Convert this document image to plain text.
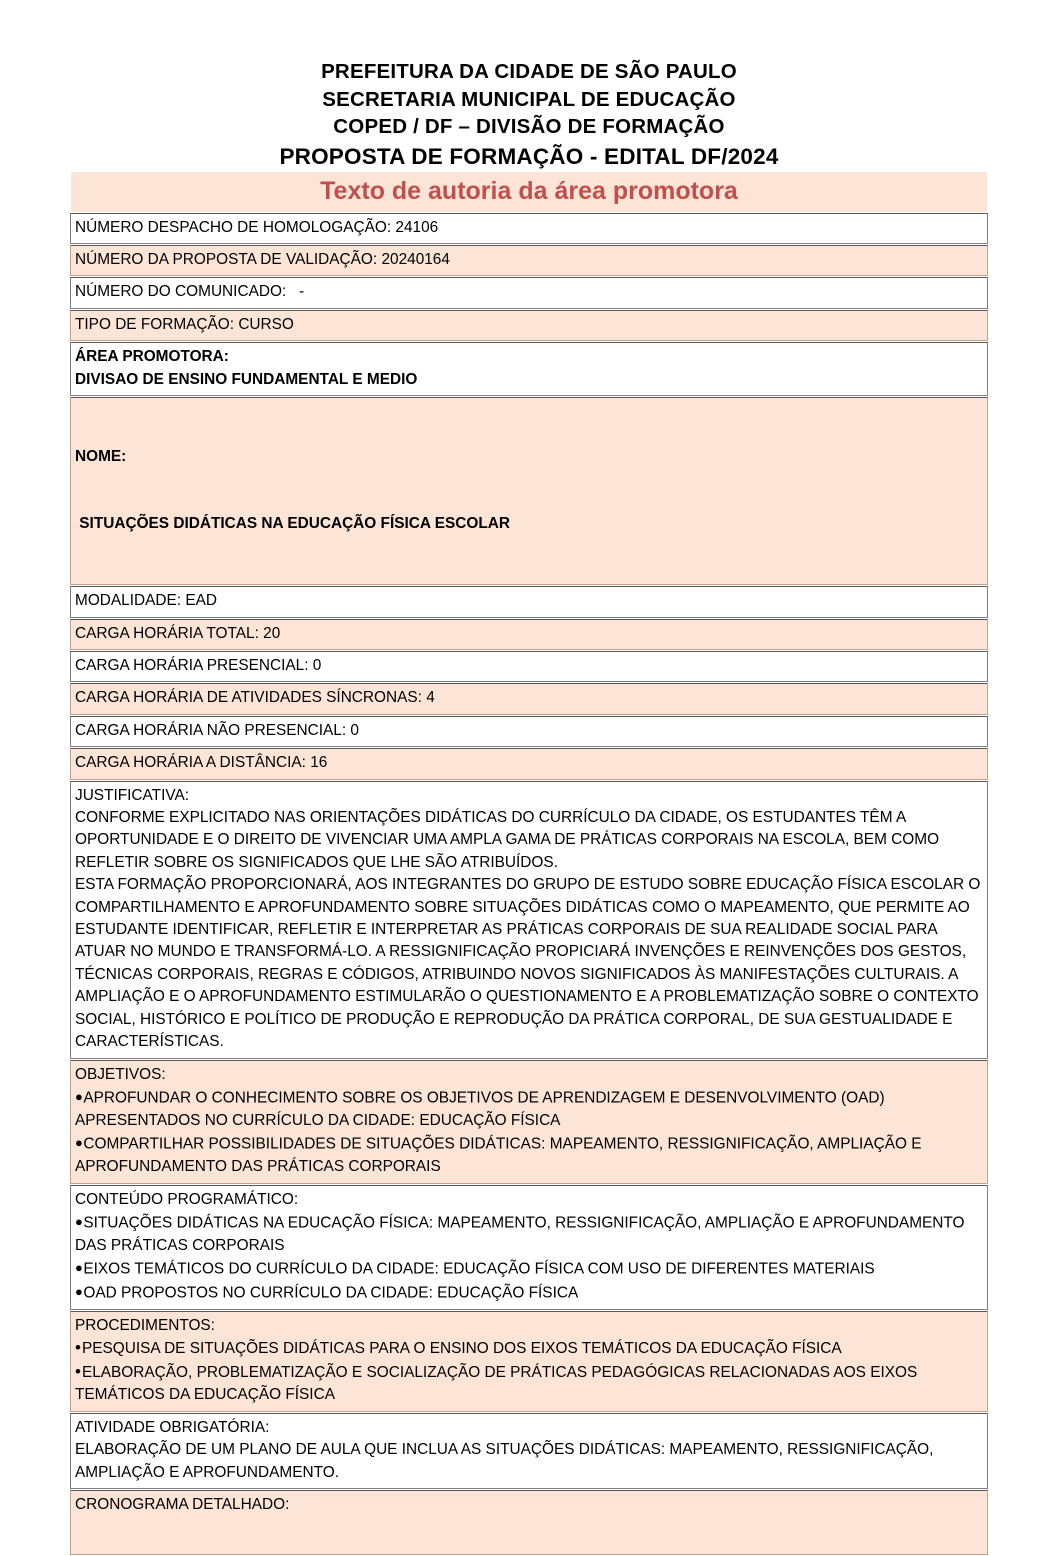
PREFEITURA DA CIDADE DE SÃO PAULO
SECRETARIA MUNICIPAL DE EDUCAÇÃO
COPED / DF – DIVISÃO DE FORMAÇÃO
PROPOSTA DE FORMAÇÃO - EDITAL DF/2024
Texto de autoria da área promotora
NÚMERO DESPACHO DE HOMOLOGAÇÃO: 24106
NÚMERO DA PROPOSTA DE VALIDAÇÃO: 20240164
NÚMERO DO COMUNICADO:   -
TIPO DE FORMAÇÃO: CURSO

ÁREA PROMOTORA:
DIVISAO DE ENSINO FUNDAMENTAL E MEDIO

NOME:

SITUAÇÕES DIDÁTICAS NA EDUCAÇÃO FÍSICA ESCOLAR

MODALIDADE: EAD
CARGA HORÁRIA TOTAL: 20
CARGA HORÁRIA PRESENCIAL: 0
CARGA HORÁRIA DE ATIVIDADES SÍNCRONAS: 4
CARGA HORÁRIA NÃO PRESENCIAL: 0
CARGA HORÁRIA A DISTÂNCIA: 16

JUSTIFICATIVA:
CONFORME EXPLICITADO NAS ORIENTAÇÕES DIDÁTICAS DO CURRÍCULO DA CIDADE, OS ESTUDANTES TÊM A OPORTUNIDADE E O DIREITO DE VIVENCIAR UMA AMPLA GAMA DE PRÁTICAS CORPORAIS NA ESCOLA, BEM COMO REFLETIR SOBRE OS SIGNIFICADOS QUE LHE SÃO ATRIBUÍDOS.
ESTA FORMAÇÃO PROPORCIONARÁ, AOS INTEGRANTES DO GRUPO DE ESTUDO SOBRE EDUCAÇÃO FÍSICA ESCOLAR O COMPARTILHAMENTO E APROFUNDAMENTO SOBRE SITUAÇÕES DIDÁTICAS COMO O MAPEAMENTO, QUE PERMITE AO ESTUDANTE IDENTIFICAR, REFLETIR E INTERPRETAR AS PRÁTICAS CORPORAIS DE SUA REALIDADE SOCIAL PARA ATUAR NO MUNDO E TRANSFORMÁ-LO. A RESSIGNIFICAÇÃO PROPICIARÁ INVENÇÕES E REINVENÇÕES DOS GESTOS, TÉCNICAS CORPORAIS, REGRAS E CÓDIGOS, ATRIBUINDO NOVOS SIGNIFICADOS ÀS MANIFESTAÇÕES CULTURAIS. A AMPLIAÇÃO E O APROFUNDAMENTO ESTIMULARÃO O QUESTIONAMENTO E A PROBLEMATIZAÇÃO SOBRE O CONTEXTO SOCIAL, HISTÓRICO E POLÍTICO DE PRODUÇÃO E REPRODUÇÃO DA PRÁTICA CORPORAL, DE SUA GESTUALIDADE E CARACTERÍSTICAS.

OBJETIVOS:
● APROFUNDAR O CONHECIMENTO SOBRE OS OBJETIVOS DE APRENDIZAGEM E DESENVOLVIMENTO (OAD) APRESENTADOS NO CURRÍCULO DA CIDADE: EDUCAÇÃO FÍSICA
● COMPARTILHAR POSSIBILIDADES DE SITUAÇÕES DIDÁTICAS: MAPEAMENTO, RESSIGNIFICAÇÃO, AMPLIAÇÃO E APROFUNDAMENTO DAS PRÁTICAS CORPORAIS

CONTEÚDO PROGRAMÁTICO:
● SITUAÇÕES DIDÁTICAS NA EDUCAÇÃO FÍSICA: MAPEAMENTO, RESSIGNIFICAÇÃO, AMPLIAÇÃO E APROFUNDAMENTO DAS PRÁTICAS CORPORAIS
● EIXOS TEMÁTICOS DO CURRÍCULO DA CIDADE: EDUCAÇÃO FÍSICA COM USO DE DIFERENTES MATERIAIS
● OAD PROPOSTOS NO CURRÍCULO DA CIDADE: EDUCAÇÃO FÍSICA

PROCEDIMENTOS:
• PESQUISA DE SITUAÇÕES DIDÁTICAS PARA O ENSINO DOS EIXOS TEMÁTICOS DA EDUCAÇÃO FÍSICA
• ELABORAÇÃO, PROBLEMATIZAÇÃO E SOCIALIZAÇÃO DE PRÁTICAS PEDAGÓGICAS RELACIONADAS AOS EIXOS TEMÁTICOS DA EDUCAÇÃO FÍSICA

ATIVIDADE OBRIGATÓRIA:
ELABORAÇÃO DE UM PLANO DE AULA QUE INCLUA AS SITUAÇÕES DIDÁTICAS: MAPEAMENTO, RESSIGNIFICAÇÃO, AMPLIAÇÃO E APROFUNDAMENTO.

CRONOGRAMA DETALHADO:
